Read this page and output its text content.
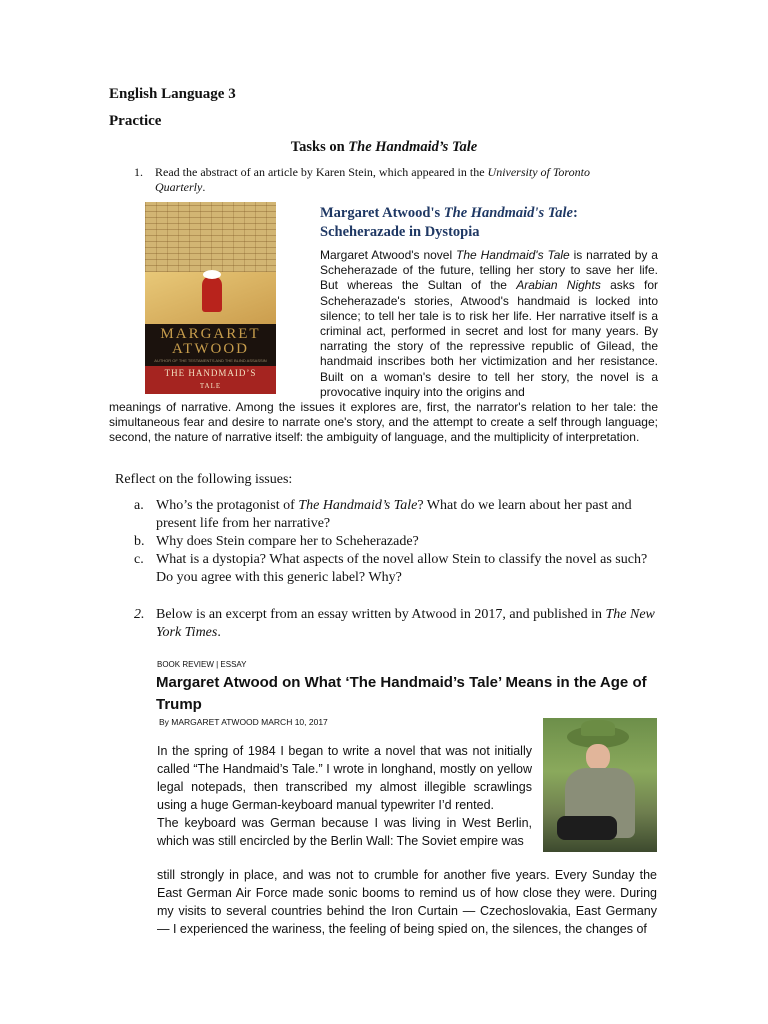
English Language 3
Practice
Tasks on The Handmaid’s Tale
1. Read the abstract of an article by Karen Stein, which appeared in the University of Toronto Quarterly.
MARGARET
ATWOOD
AUTHOR OF THE TESTAMENTS AND THE BLIND ASSASSIN
THE HANDMAID’S
TALE
Margaret Atwood's The Handmaid's Tale:
Scheherazade in Dystopia
Margaret Atwood's novel The Handmaid's Tale is narrated by a Scheherazade of the future, telling her story to save her life. But whereas the Sultan of the Arabian Nights asks for Scheherazade's stories, Atwood's handmaid is locked into silence; to tell her tale is to risk her life. Her narrative itself is a criminal act, performed in secret and lost for many years. By narrating the story of the repressive republic of Gilead, the handmaid inscribes both her victimization and her resistance. Built on a woman's desire to tell her story, the novel is a provocative inquiry into the origins and
meanings of narrative. Among the issues it explores are, first, the narrator's relation to her tale: the simultaneous fear and desire to narrate one's story, and the attempt to create a self through language; second, the nature of narrative itself: the ambiguity of language, and the multiplicity of interpretation.
Reflect on the following issues:
a. Who’s the protagonist of The Handmaid’s Tale? What do we learn about her past and present life from her narrative?
b. Why does Stein compare her to Scheherazade?
c. What is a dystopia? What aspects of the novel allow Stein to classify the novel as such? Do you agree with this generic label? Why?
2. Below is an excerpt from an essay written by Atwood in 2017, and published in The New York Times.
BOOK REVIEW | ESSAY
Margaret Atwood on What ‘The Handmaid’s Tale’ Means in the Age of Trump
By MARGARET ATWOOD MARCH 10, 2017
In the spring of 1984 I began to write a novel that was not initially called “The Handmaid’s Tale.” I wrote in longhand, mostly on yellow legal notepads, then transcribed my almost illegible scrawlings using a huge German-keyboard manual typewriter I’d rented.
The keyboard was German because I was living in West Berlin, which was still encircled by the Berlin Wall: The Soviet empire was
still strongly in place, and was not to crumble for another five years. Every Sunday the East German Air Force made sonic booms to remind us of how close they were. During my visits to several countries behind the Iron Curtain — Czechoslovakia, East Germany — I experienced the wariness, the feeling of being spied on, the silences, the changes of
